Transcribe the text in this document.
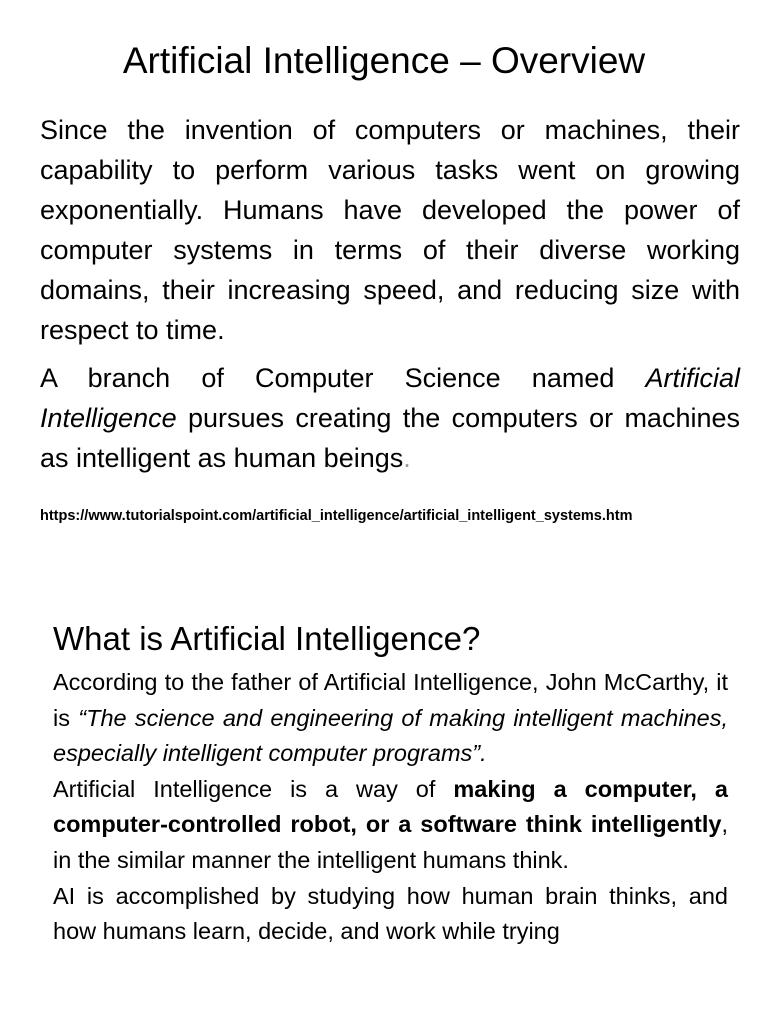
Artificial Intelligence – Overview

Since the invention of computers or machines, their capability to perform various tasks went on growing exponentially. Humans have developed the power of computer systems in terms of their diverse working domains, their increasing speed, and reducing size with respect to time.

A branch of Computer Science named Artificial Intelligence pursues creating the computers or machines as intelligent as human beings.

https://www.tutorialspoint.com/artificial_intelligence/artificial_intelligent_systems.htm

What is Artificial Intelligence?

According to the father of Artificial Intelligence, John McCarthy, it is “The science and engineering of making intelligent machines, especially intelligent computer programs”.

Artificial Intelligence is a way of making a computer, a computer-controlled robot, or a software think intelligently, in the similar manner the intelligent humans think.

AI is accomplished by studying how human brain thinks, and how humans learn, decide, and work while trying
